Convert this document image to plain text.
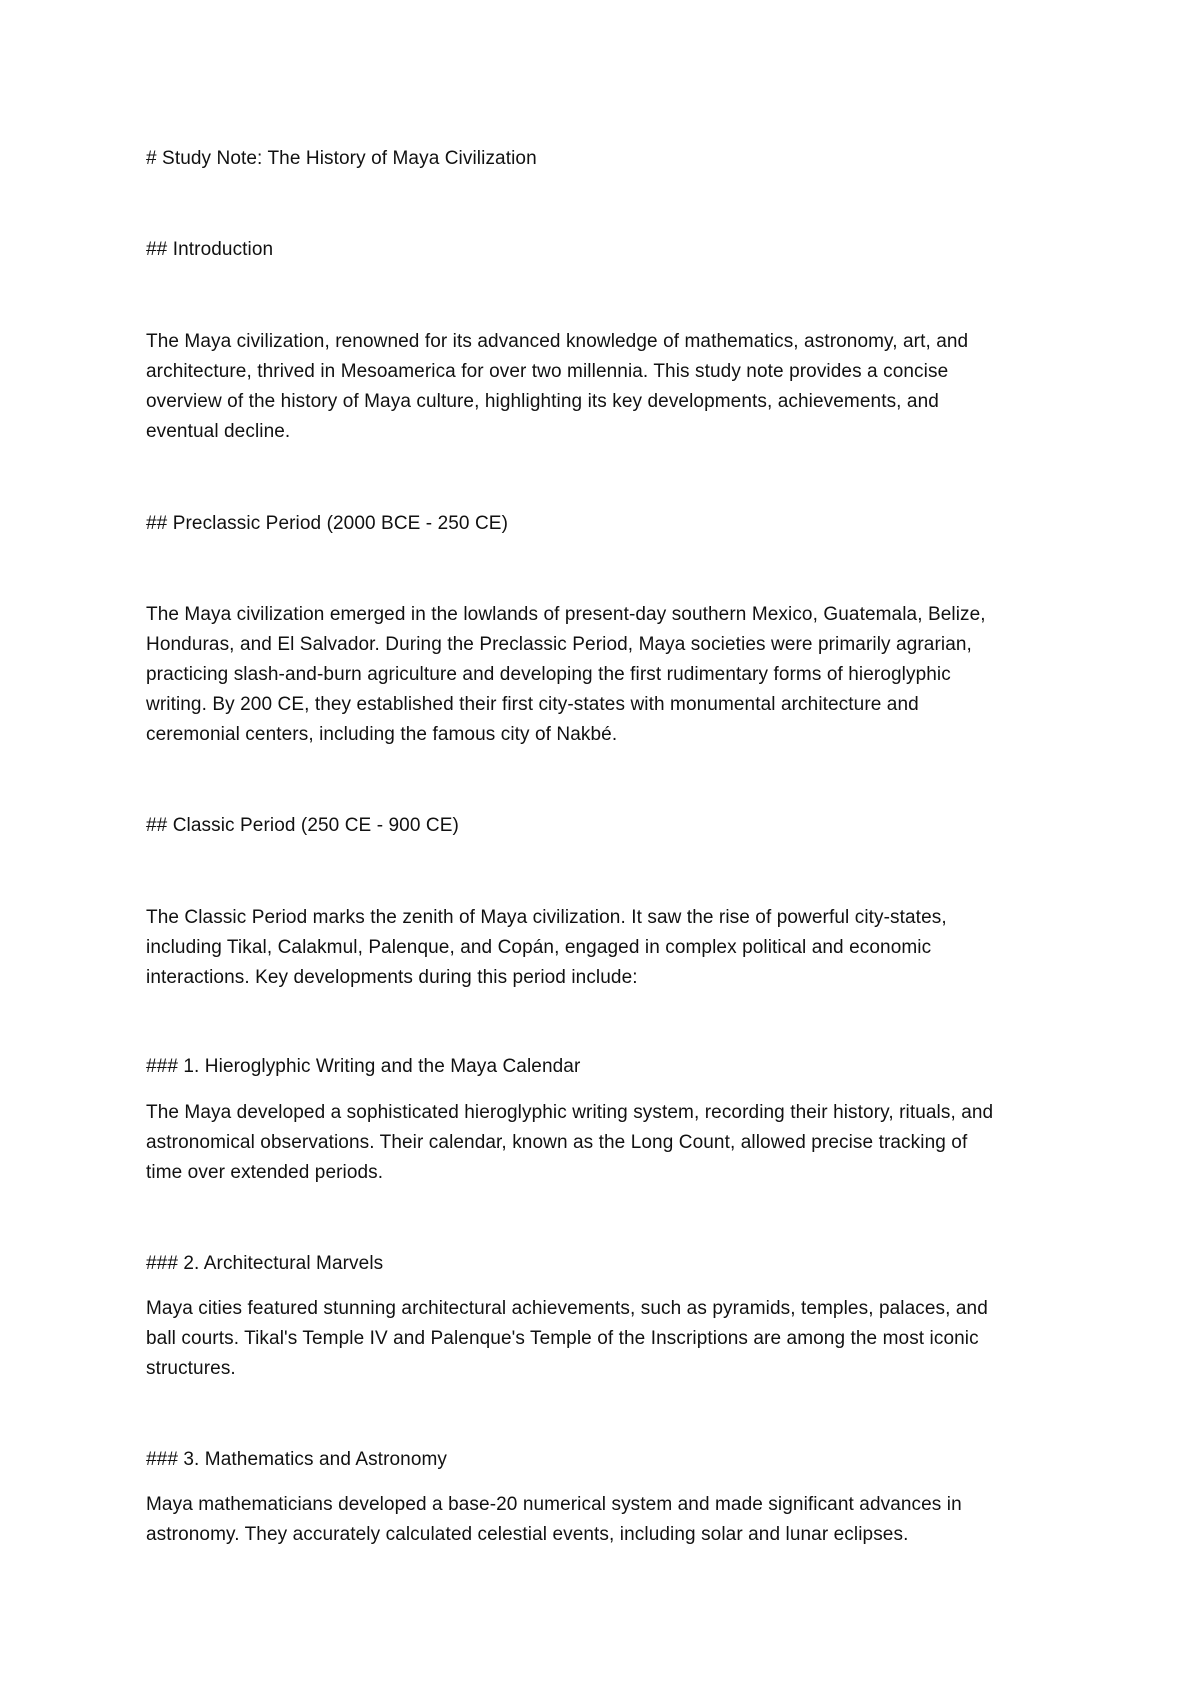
# Study Note: The History of Maya Civilization

## Introduction

The Maya civilization, renowned for its advanced knowledge of mathematics, astronomy, art, and

architecture, thrived in Mesoamerica for over two millennia. This study note provides a concise

overview of the history of Maya culture, highlighting its key developments, achievements, and

eventual decline.

## Preclassic Period (2000 BCE - 250 CE)

The Maya civilization emerged in the lowlands of present-day southern Mexico, Guatemala, Belize,

Honduras, and El Salvador. During the Preclassic Period, Maya societies were primarily agrarian,

practicing slash-and-burn agriculture and developing the first rudimentary forms of hieroglyphic

writing. By 200 CE, they established their first city-states with monumental architecture and

ceremonial centers, including the famous city of Nakbé.

## Classic Period (250 CE - 900 CE)

The Classic Period marks the zenith of Maya civilization. It saw the rise of powerful city-states,

including Tikal, Calakmul, Palenque, and Copán, engaged in complex political and economic

interactions. Key developments during this period include:

### 1. Hieroglyphic Writing and the Maya Calendar

The Maya developed a sophisticated hieroglyphic writing system, recording their history, rituals, and

astronomical observations. Their calendar, known as the Long Count, allowed precise tracking of

time over extended periods.

### 2. Architectural Marvels

Maya cities featured stunning architectural achievements, such as pyramids, temples, palaces, and

ball courts. Tikal's Temple IV and Palenque's Temple of the Inscriptions are among the most iconic

structures.

### 3. Mathematics and Astronomy

Maya mathematicians developed a base-20 numerical system and made significant advances in

astronomy. They accurately calculated celestial events, including solar and lunar eclipses.
